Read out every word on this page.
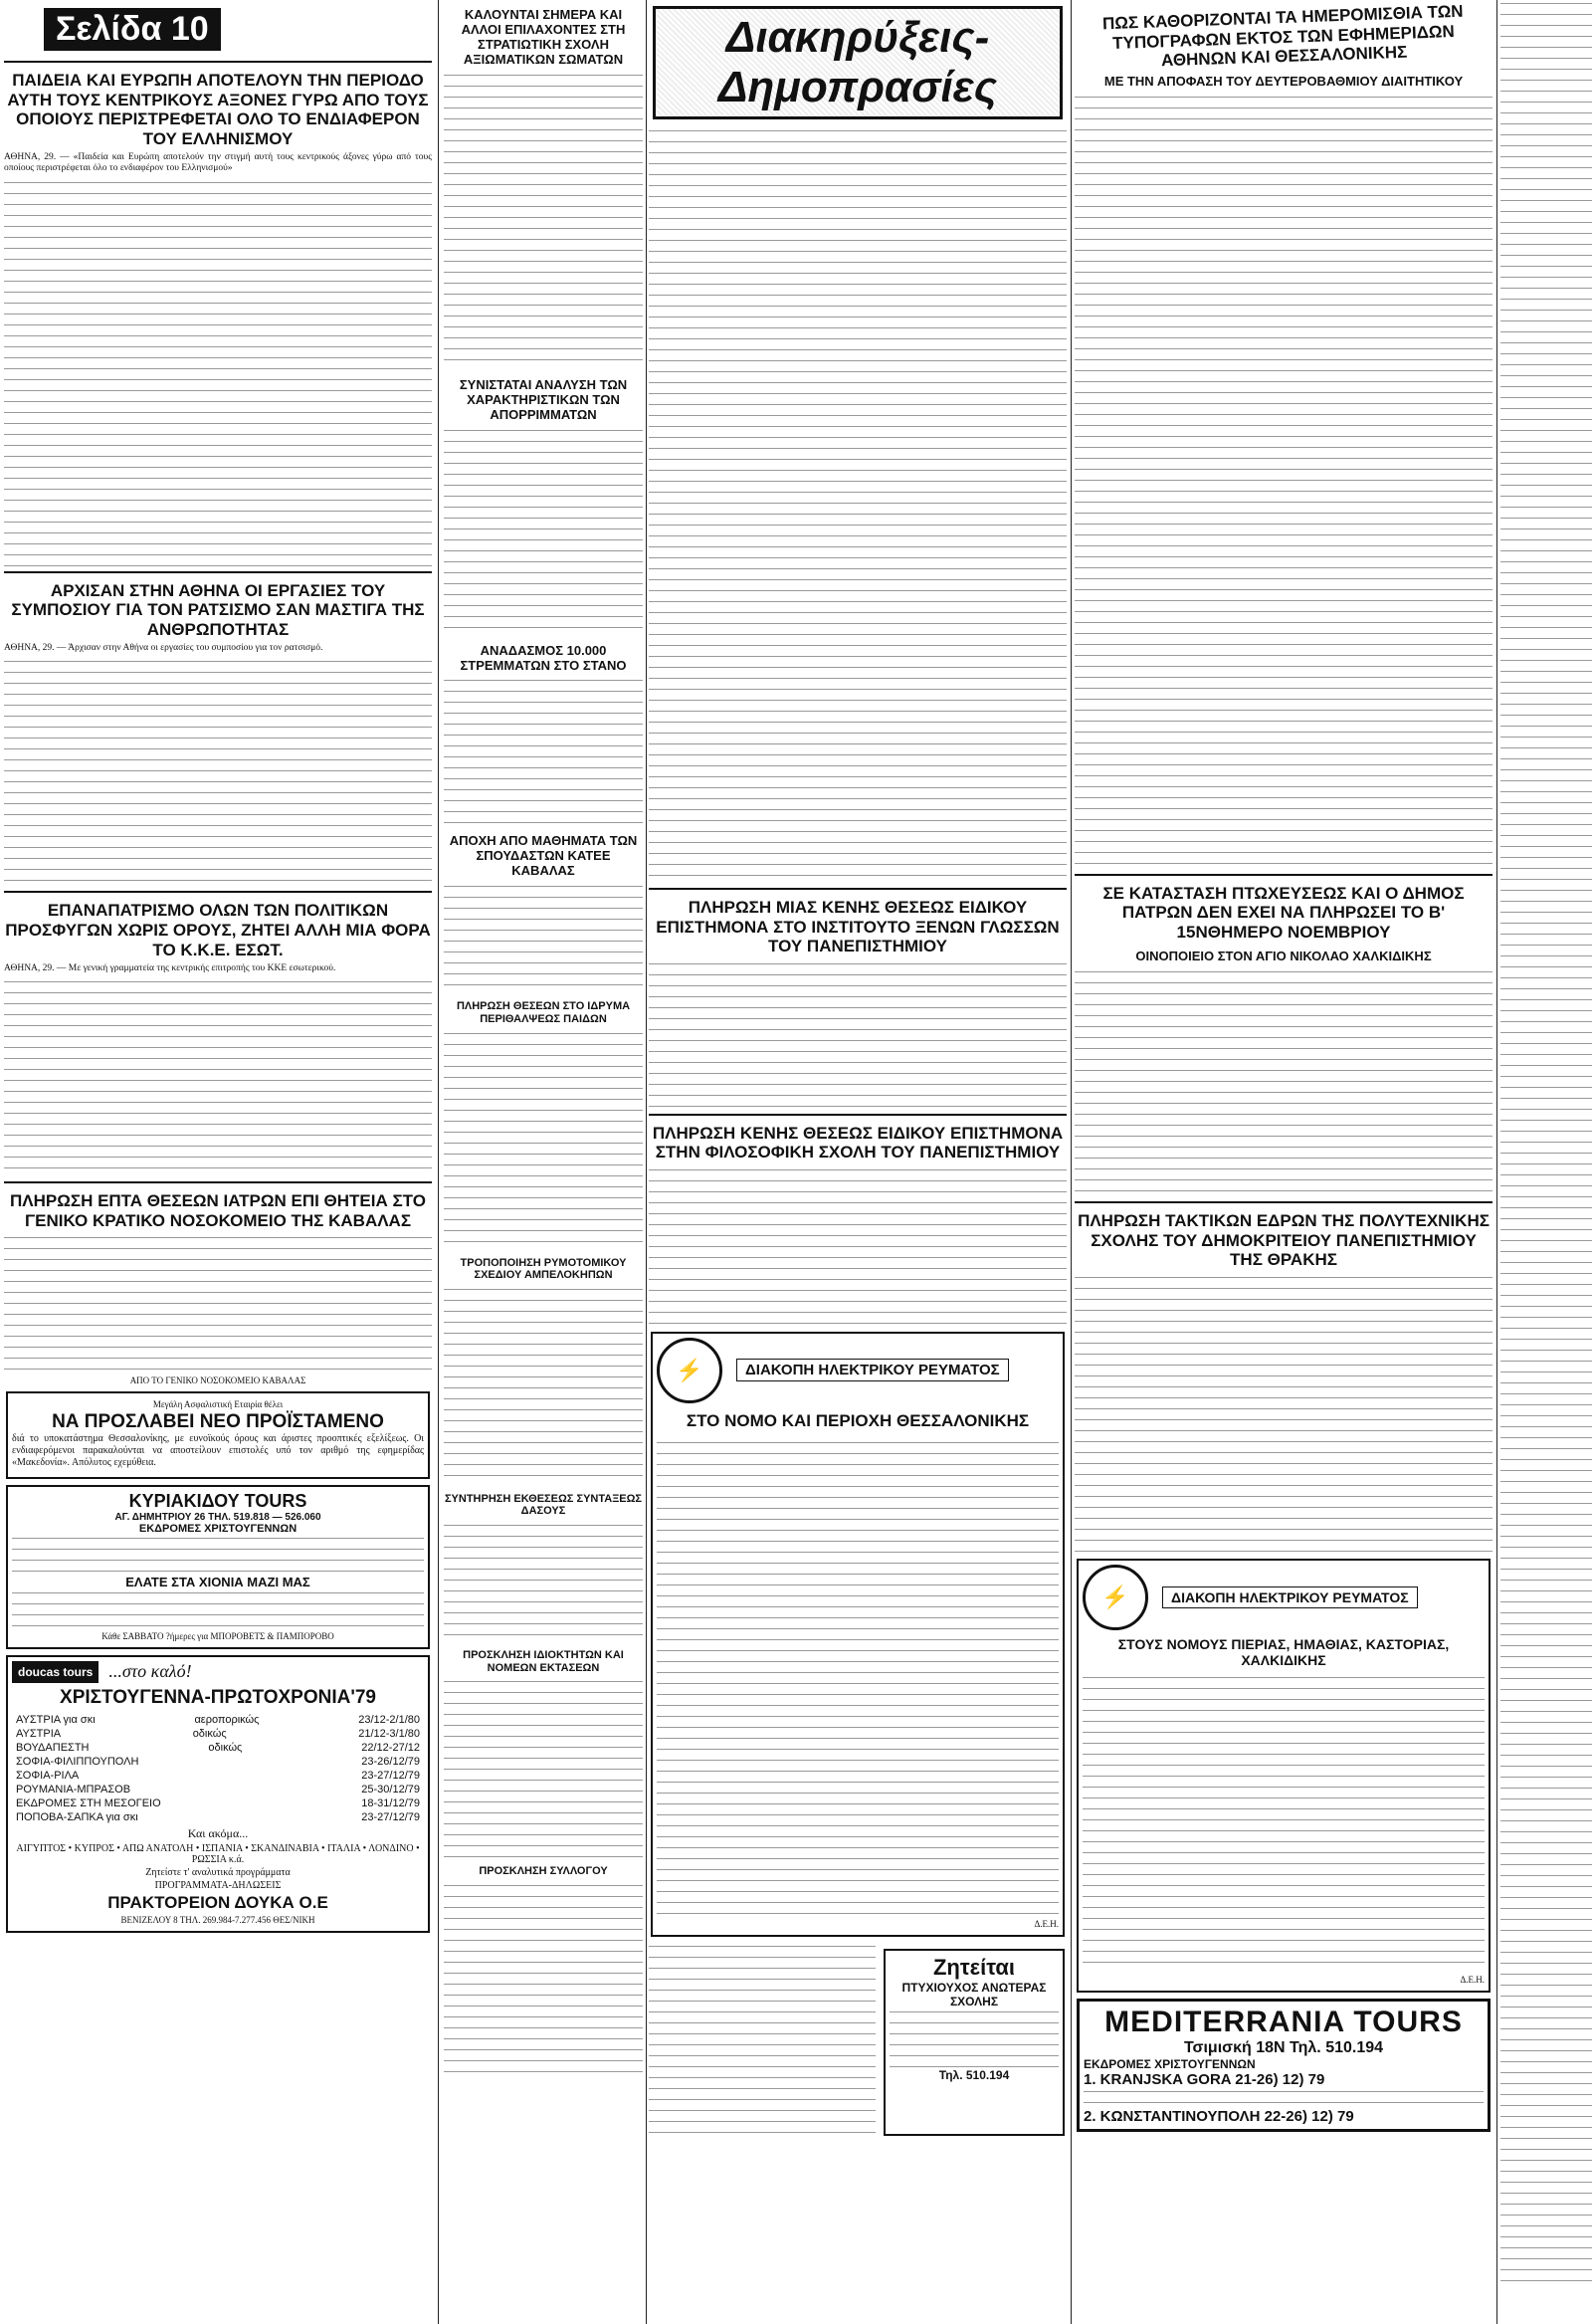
Σελίδα 10
ΠΑΙΔΕΙΑ ΚΑΙ ΕΥΡΩΠΗ ΑΠΟΤΕΛΟΥΝ ΤΗΝ ΠΕΡΙΟΔΟ ΑΥΤΗ ΤΟΥΣ ΚΕΝΤΡΙΚΟΥΣ ΑΞΟΝΕΣ ΓΥΡΩ ΑΠΟ ΤΟΥΣ ΟΠΟΙΟΥΣ ΠΕΡΙΣΤΡΕΦΕΤΑΙ ΟΛΟ ΤΟ ΕΝΔΙΑΦΕΡΟΝ ΤΟΥ ΕΛΛΗΝΙΣΜΟΥ

ΑΘΗΝΑ, 29. — «Παιδεία και Ευρώπη αποτελούν την στιγμή αυτή τους κεντρικούς άξονες γύρω από τους οποίους περιστρέφεται όλο το ενδιαφέρον του Ελληνισμού»

ΑΡΧΙΣΑΝ ΣΤΗΝ ΑΘΗΝΑ ΟΙ ΕΡΓΑΣΙΕΣ ΤΟΥ ΣΥΜΠΟΣΙΟΥ ΓΙΑ ΤΟΝ ΡΑΤΣΙΣΜΟ ΣΑΝ ΜΑΣΤΙΓΑ ΤΗΣ ΑΝΘΡΩΠΟΤΗΤΑΣ

ΑΘΗΝΑ, 29. — Άρχισαν στην Αθήνα οι εργασίες του συμποσίου για τον ρατσισμό.

ΕΠΑΝΑΠΑΤΡΙΣΜΟ ΟΛΩΝ ΤΩΝ ΠΟΛΙΤΙΚΩΝ ΠΡΟΣΦΥΓΩΝ ΧΩΡΙΣ ΟΡΟΥΣ, ΖΗΤΕΙ ΑΛΛΗ ΜΙΑ ΦΟΡΑ ΤΟ Κ.Κ.Ε. ΕΣΩΤ.

ΑΘΗΝΑ, 29. — Με γενική γραμματεία της κεντρικής επιτροπής του ΚΚΕ εσωτερικού.

ΠΛΗΡΩΣΗ ΕΠΤΑ ΘΕΣΕΩΝ ΙΑΤΡΩΝ ΕΠΙ ΘΗΤΕΙΑ ΣΤΟ ΓΕΝΙΚΟ ΚΡΑΤΙΚΟ ΝΟΣΟΚΟΜΕΙΟ ΤΗΣ ΚΑΒΑΛΑΣ
ΑΠΟ ΤΟ ΓΕΝΙΚΟ ΝΟΣΟΚΟΜΕΙΟ ΚΑΒΑΛΑΣ
Μεγάλη Ασφαλιστική Εταιρία θέλει
ΝΑ ΠΡΟΣΛΑΒΕΙ ΝΕΟ ΠΡΟΪΣΤΑΜΕΝΟ

διά το υποκατάστημα Θεσσαλονίκης, με ευνοϊκούς όρους και άριστες προοπτικές εξελίξεως. Οι ενδιαφερόμενοι παρακαλούνται να αποστείλουν επιστολές υπό τον αριθμό της εφημερίδας «Μακεδονία». Απόλυτος εχεμύθεια.

ΚΥΡΙΑΚΙΔΟΥ TOURS
ΑΓ. ΔΗΜΗΤΡΙΟΥ 26 ΤΗΛ. 519.818 — 526.060
ΕΚΔΡΟΜΕΣ ΧΡΙΣΤΟΥΓΕΝΝΩΝ
ΕΛΑΤΕ ΣΤΑ ΧΙΟΝΙΑ ΜΑΖΙ ΜΑΣ
Κάθε ΣΑΒΒΑΤΟ ?ήμερες για ΜΠΟΡΟΒΕΤΣ & ΠΑΜΠΟΡΟΒΟ
doucas tours ...στο καλό!
ΧΡΙΣΤΟΥΓΕΝΝΑ-ΠΡΩΤΟΧΡΟΝΙΑ'79
ΑΥΣΤΡΙΑ για σκι	αεροπορικώς	23/12-2/1/80
ΑΥΣΤΡΙΑ	οδικώς	21/12-3/1/80
ΒΟΥΔΑΠΕΣΤΗ	οδικώς	22/12-27/12
ΣΟΦΙΑ-ΦΙΛΙΠΠΟΥΠΟΛΗ	23-26/12/79
ΣΟΦΙΑ-ΡΙΛΑ	23-27/12/79
ΡΟΥΜΑΝΙΑ-ΜΠΡΑΣΟΒ	25-30/12/79
ΕΚΔΡΟΜΕΣ ΣΤΗ ΜΕΣΟΓΕΙΟ	18-31/12/79
ΠΟΠΟΒΑ-ΣΑΠΚΑ για σκι	23-27/12/79
Και ακόμα...
ΑΙΓΥΠΤΟΣ • ΚΥΠΡΟΣ • ΑΠΩ ΑΝΑΤΟΛΗ • ΙΣΠΑΝΙΑ • ΣΚΑΝΔΙΝΑΒΙΑ • ΙΤΑΛΙΑ • ΛΟΝΔΙΝΟ • ΡΩΣΣΙΑ κ.ά.
Ζητείστε τ' αναλυτικά προγράμματα
ΠΡΟΓΡΑΜΜΑΤΑ-ΔΗΛΩΣΕΙΣ
ΠΡΑΚΤΟΡΕΙΟΝ ΔΟΥΚΑ Ο.Ε
ΒΕΝΙΖΕΛΟΥ 8 ΤΗΛ. 269.984-7.277.456 ΘΕΣ/ΝΙΚΗ
ΚΑΛΟΥΝΤΑΙ ΣΗΜΕΡΑ ΚΑΙ ΑΛΛΟΙ ΕΠΙΛΑΧΟΝΤΕΣ ΣΤΗ ΣΤΡΑΤΙΩΤΙΚΗ ΣΧΟΛΗ ΑΞΙΩΜΑΤΙΚΩΝ ΣΩΜΑΤΩΝ
ΣΥΝΙΣΤΑΤΑΙ ΑΝΑΛΥΣΗ ΤΩΝ ΧΑΡΑΚΤΗΡΙΣΤΙΚΩΝ ΤΩΝ ΑΠΟΡΡΙΜΜΑΤΩΝ
ΑΝΑΔΑΣΜΟΣ 10.000 ΣΤΡΕΜΜΑΤΩΝ ΣΤΟ ΣΤΑΝΟ
ΑΠΟΧΗ ΑΠΟ ΜΑΘΗΜΑΤΑ ΤΩΝ ΣΠΟΥΔΑΣΤΩΝ ΚΑΤΕΕ ΚΑΒΑΛΑΣ
ΠΛΗΡΩΣΗ ΘΕΣΕΩΝ ΣΤΟ ΙΔΡΥΜΑ ΠΕΡΙΘΑΛΨΕΩΣ ΠΑΙΔΩΝ
ΤΡΟΠΟΠΟΙΗΣΗ ΡΥΜΟΤΟΜΙΚΟΥ ΣΧΕΔΙΟΥ ΑΜΠΕΛΟΚΗΠΩΝ
ΣΥΝΤΗΡΗΣΗ ΕΚΘΕΣΕΩΣ ΣΥΝΤΑΞΕΩΣ ΔΑΣΟΥΣ
ΠΡΟΣΚΛΗΣΗ ΙΔΙΟΚΤΗΤΩΝ ΚΑΙ ΝΟΜΕΩΝ ΕΚΤΑΣΕΩΝ
ΠΡΟΣΚΛΗΣΗ ΣΥΛΛΟΓΟΥ
Διακηρύξεις-Δημοπρασίες
ΠΛΗΡΩΣΗ ΜΙΑΣ ΚΕΝΗΣ ΘΕΣΕΩΣ ΕΙΔΙΚΟΥ ΕΠΙΣΤΗΜΟΝΑ ΣΤΟ ΙΝΣΤΙΤΟΥΤΟ ΞΕΝΩΝ ΓΛΩΣΣΩΝ ΤΟΥ ΠΑΝΕΠΙΣΤΗΜΙΟΥ
ΠΛΗΡΩΣΗ ΚΕΝΗΣ ΘΕΣΕΩΣ ΕΙΔΙΚΟΥ ΕΠΙΣΤΗΜΟΝΑ ΣΤΗΝ ΦΙΛΟΣΟΦΙΚΗ ΣΧΟΛΗ ΤΟΥ ΠΑΝΕΠΙΣΤΗΜΙΟΥ
⚡	ΔΙΑΚΟΠΗ ΗΛΕΚΤΡΙΚΟΥ ΡΕΥΜΑΤΟΣ
ΣΤΟ ΝΟΜΟ ΚΑΙ ΠΕΡΙΟΧΗ ΘΕΣΣΑΛΟΝΙΚΗΣ
Δ.Ε.Η.
Ζητείται
ΠΤΥΧΙΟΥΧΟΣ ΑΝΩΤΕΡΑΣ ΣΧΟΛΗΣ
Τηλ. 510.194
ΠΩΣ ΚΑΘΟΡΙΖΟΝΤΑΙ ΤΑ ΗΜΕΡΟΜΙΣΘΙΑ ΤΩΝ ΤΥΠΟΓΡΑΦΩΝ ΕΚΤΟΣ ΤΩΝ ΕΦΗΜΕΡΙΔΩΝ ΑΘΗΝΩΝ ΚΑΙ ΘΕΣΣΑΛΟΝΙΚΗΣ
ΜΕ ΤΗΝ ΑΠΟΦΑΣΗ ΤΟΥ ΔΕΥΤΕΡΟΒΑΘΜΙΟΥ ΔΙΑΙΤΗΤΙΚΟΥ
ΣΕ ΚΑΤΑΣΤΑΣΗ ΠΤΩΧΕΥΣΕΩΣ ΚΑΙ Ο ΔΗΜΟΣ ΠΑΤΡΩΝ ΔΕΝ ΕΧΕΙ ΝΑ ΠΛΗΡΩΣΕΙ ΤΟ Β' 15ΝΘΗΜΕΡΟ ΝΟΕΜΒΡΙΟΥ
ΟΙΝΟΠΟΙΕΙΟ ΣΤΟΝ ΑΓΙΟ ΝΙΚΟΛΑΟ ΧΑΛΚΙΔΙΚΗΣ
ΠΛΗΡΩΣΗ ΤΑΚΤΙΚΩΝ ΕΔΡΩΝ ΤΗΣ ΠΟΛΥΤΕΧΝΙΚΗΣ ΣΧΟΛΗΣ ΤΟΥ ΔΗΜΟΚΡΙΤΕΙΟΥ ΠΑΝΕΠΙΣΤΗΜΙΟΥ ΤΗΣ ΘΡΑΚΗΣ
⚡	ΔΙΑΚΟΠΗ ΗΛΕΚΤΡΙΚΟΥ ΡΕΥΜΑΤΟΣ
ΣΤΟΥΣ ΝΟΜΟΥΣ ΠΙΕΡΙΑΣ, ΗΜΑΘΙΑΣ, ΚΑΣΤΟΡΙΑΣ, ΧΑΛΚΙΔΙΚΗΣ
Δ.Ε.Η.
MEDITERRANIA TOURS
Τσιμισκή 18Ν Τηλ. 510.194
ΕΚΔΡΟΜΕΣ ΧΡΙΣΤΟΥΓΕΝΝΩΝ
1. KRANJSKA GORA 21-26) 12) 79
2. ΚΩΝΣΤΑΝΤΙΝΟΥΠΟΛΗ 22-26) 12) 79
